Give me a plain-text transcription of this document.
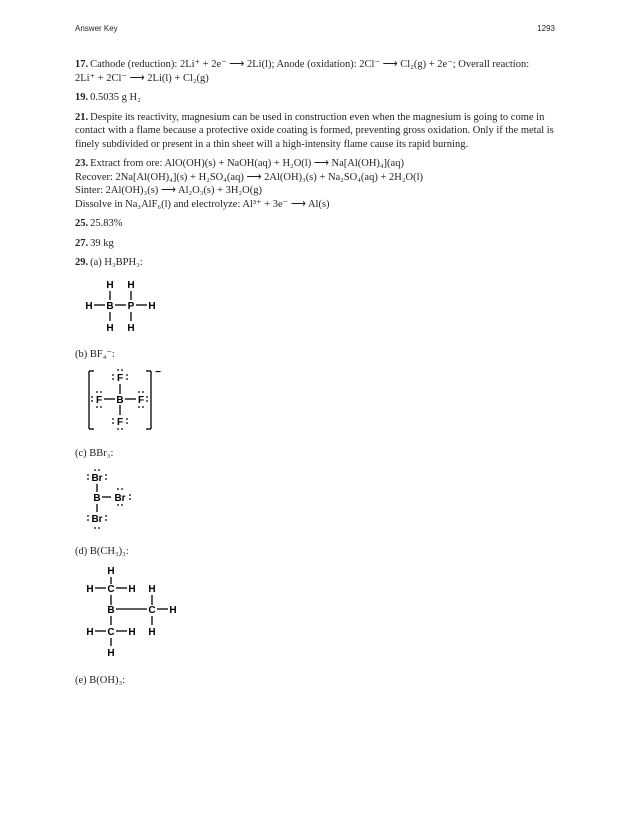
Answer Key	1293
17. Cathode (reduction): 2Li⁺ + 2e⁻ ⟶ 2Li(l); Anode (oxidation): 2Cl⁻ ⟶ Cl₂(g) + 2e⁻; Overall reaction:
2Li⁺ + 2Cl⁻ ⟶ 2Li(l) + Cl₂(g)
19. 0.5035 g H₂
21. Despite its reactivity, magnesium can be used in construction even when the magnesium is going to come in contact with a flame because a protective oxide coating is formed, preventing gross oxidation. Only if the metal is finely subdivided or present in a thin sheet will a high-intensity flame cause its rapid burning.
23. Extract from ore: AlO(OH)(s) + NaOH(aq) + H₂O(l) ⟶ Na[Al(OH)₄](aq)
Recover: 2Na[Al(OH)₄](s) + H₂SO₄(aq) ⟶ 2Al(OH)₃(s) + Na₂SO₄(aq) + 2H₂O(l)
Sinter: 2Al(OH)₃(s) ⟶ Al₂O₃(s) + 3H₂O(g)
Dissolve in Na₃AlF₆(l) and electrolyze: Al³⁺ + 3e⁻ ⟶ Al(s)
25. 25.83%
27. 39 kg
29. (a) H₃BPH₃:
H H
H B P H
H H
(b) BF₄⁻:
−
F
F B F
F
(c) BBr₃:
Br
B Br
Br
(d) B(CH₃)₃:
H
H C H H
B	C H
H
H C H
H
(e) B(OH)₃:
